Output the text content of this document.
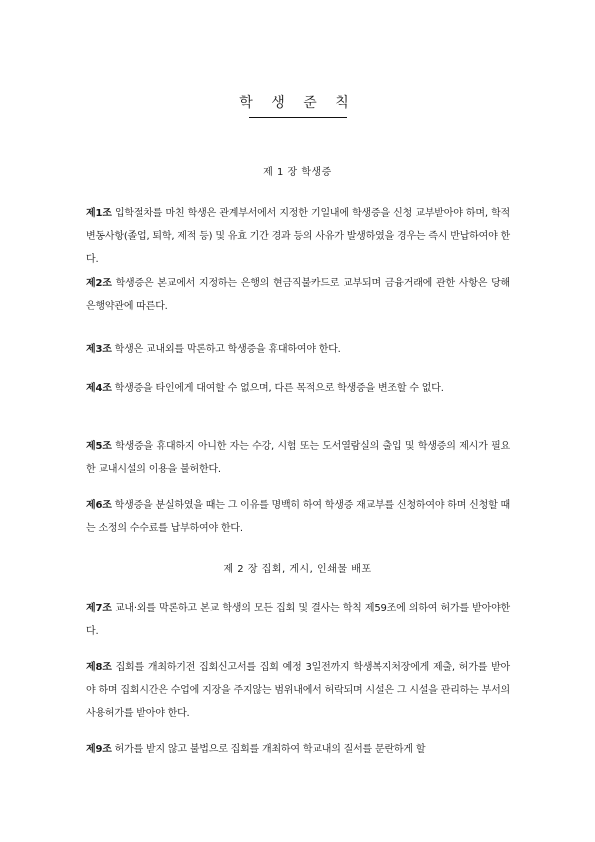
학 생 준 칙
제 1 장 학생증
제1조 입학절차를 마친 학생은 관계부서에서 지정한 기일내에 학생증을 신청 교부받아야 하며, 학적변동사항(졸업, 퇴학, 제적 등) 및 유효 기간 경과 등의 사유가 발생하였을 경우는 즉시 반납하여야 한다.
제2조 학생증은 본교에서 지정하는 은행의 현금직불카드로 교부되며 금융거래에 관한 사항은 당해 은행약관에 따른다.
제3조 학생은 교내외를 막론하고 학생증을 휴대하여야 한다.
제4조 학생증을 타인에게 대여할 수 없으며, 다른 목적으로 학생증을 변조할 수 없다.
제5조 학생증을 휴대하지 아니한 자는 수강, 시험 또는 도서열람실의 출입 및 학생증의 제시가 필요한 교내시설의 이용을 불허한다.
제6조 학생증을 분실하였을 때는 그 이유를 명백히 하여 학생증 재교부를 신청하여야 하며 신청할 때는 소정의 수수료를 납부하여야 한다.
제 2 장 집회, 게시, 인쇄물 배포
제7조 교내·외를 막론하고 본교 학생의 모든 집회 및 결사는 학칙 제59조에 의하여 허가를 받아야한다.
제8조 집회를 개최하기전 집회신고서를 집회 예정 3일전까지 학생복지처장에게 제출, 허가를 받아야 하며 집회시간은 수업에 지장을 주지않는 범위내에서 허락되며 시설은 그 시설을 관리하는 부서의 사용허가를 받아야 한다.
제9조 허가를 받지 않고 불법으로 집회를 개최하여 학교내의 질서를 문란하게 할
